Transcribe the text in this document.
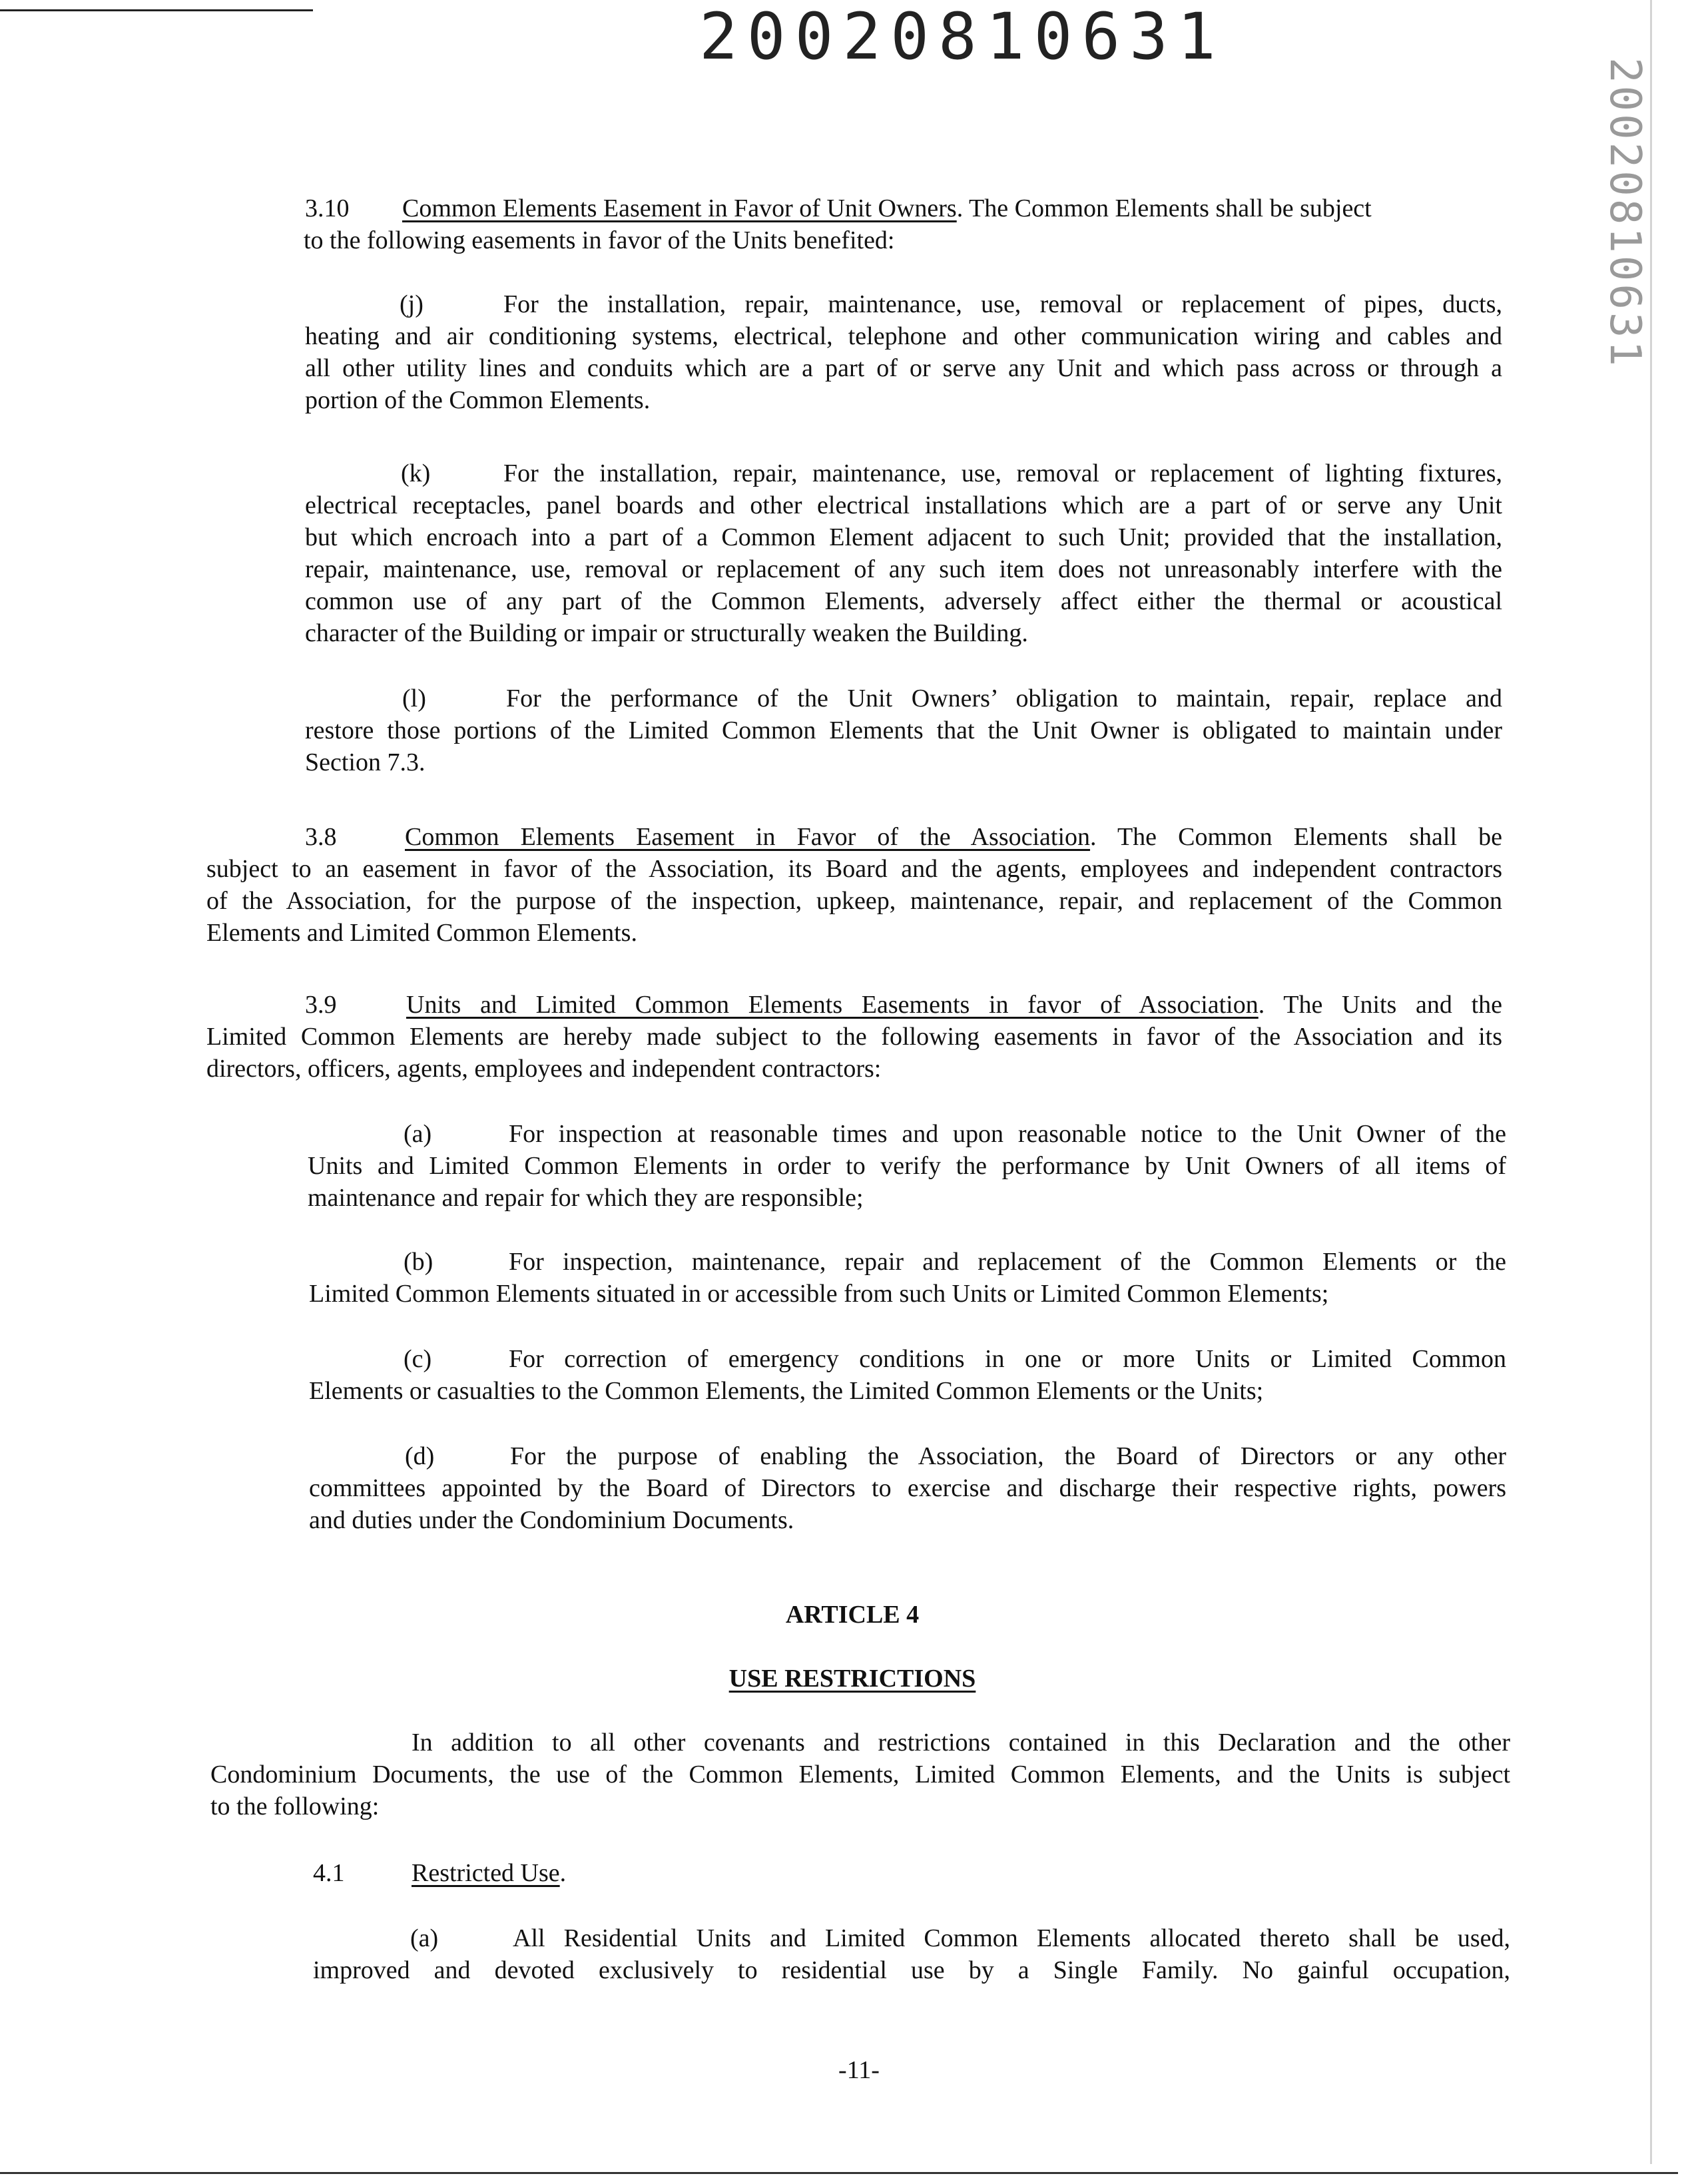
20020810631
20020810631
3.10 Common Elements Easement in Favor of Unit Owners. The Common Elements shall be subject
to the following easements in favor of the Units benefited:
(j)	For the installation, repair, maintenance, use, removal or replacement of pipes, ducts,
heating and air conditioning systems, electrical, telephone and other communication wiring and cables and
all other utility lines and conduits which are a part of or serve any Unit and which pass across or through a
portion of the Common Elements.
(k)	For the installation, repair, maintenance, use, removal or replacement of lighting fixtures,
electrical receptacles, panel boards and other electrical installations which are a part of or serve any Unit
but which encroach into a part of a Common Element adjacent to such Unit; provided that the installation,
repair, maintenance, use, removal or replacement of any such item does not unreasonably interfere with the
common use of any part of the Common Elements, adversely affect either the thermal or acoustical
character of the Building or impair or structurally weaken the Building.
(l)	For the performance of the Unit Owners’ obligation to maintain, repair, replace and
restore those portions of the Limited Common Elements that the Unit Owner is obligated to maintain under
Section 7.3.
3.8	Common Elements Easement in Favor of the Association. The Common Elements shall be
subject to an easement in favor of the Association, its Board and the agents, employees and independent contractors
of the Association, for the purpose of the inspection, upkeep, maintenance, repair, and replacement of the Common
Elements and Limited Common Elements.
3.9	Units and Limited Common Elements Easements in favor of Association. The Units and the
Limited Common Elements are hereby made subject to the following easements in favor of the Association and its
directors, officers, agents, employees and independent contractors:
(a)	For inspection at reasonable times and upon reasonable notice to the Unit Owner of the
Units and Limited Common Elements in order to verify the performance by Unit Owners of all items of
maintenance and repair for which they are responsible;
(b)	For inspection, maintenance, repair and replacement of the Common Elements or the
Limited Common Elements situated in or accessible from such Units or Limited Common Elements;
(c)	For correction of emergency conditions in one or more Units or Limited Common
Elements or casualties to the Common Elements, the Limited Common Elements or the Units;
(d)	For the purpose of enabling the Association, the Board of Directors or any other
committees appointed by the Board of Directors to exercise and discharge their respective rights, powers
and duties under the Condominium Documents.
ARTICLE 4
USE RESTRICTIONS
In addition to all other covenants and restrictions contained in this Declaration and the other
Condominium Documents, the use of the Common Elements, Limited Common Elements, and the Units is subject
to the following:
4.1	Restricted Use.
(a)	All Residential Units and Limited Common Elements allocated thereto shall be used,
improved and devoted exclusively to residential use by a Single Family. No gainful occupation,
-11-
